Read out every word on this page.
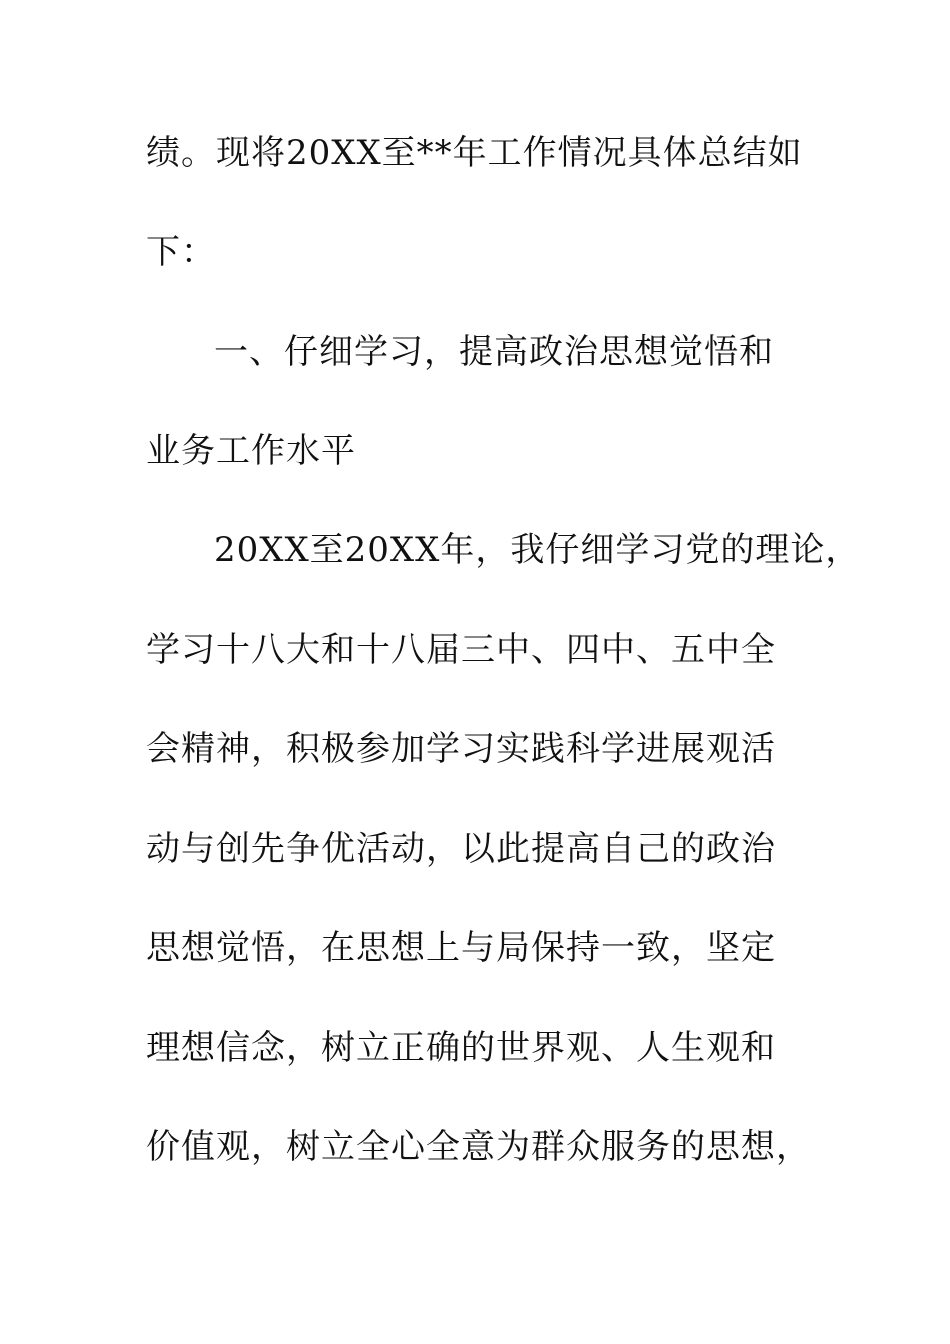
绩。现将20XX至**年工作情况具体总结如
下：
一、仔细学习，提高政治思想觉悟和
业务工作水平
20XX至20XX年，我仔细学习党的理论，
学习十八大和十八届三中、四中、五中全
会精神，积极参加学习实践科学进展观活
动与创先争优活动，以此提高自己的政治
思想觉悟，在思想上与局保持一致，坚定
理想信念，树立正确的世界观、人生观和
价值观，树立全心全意为群众服务的思想，
